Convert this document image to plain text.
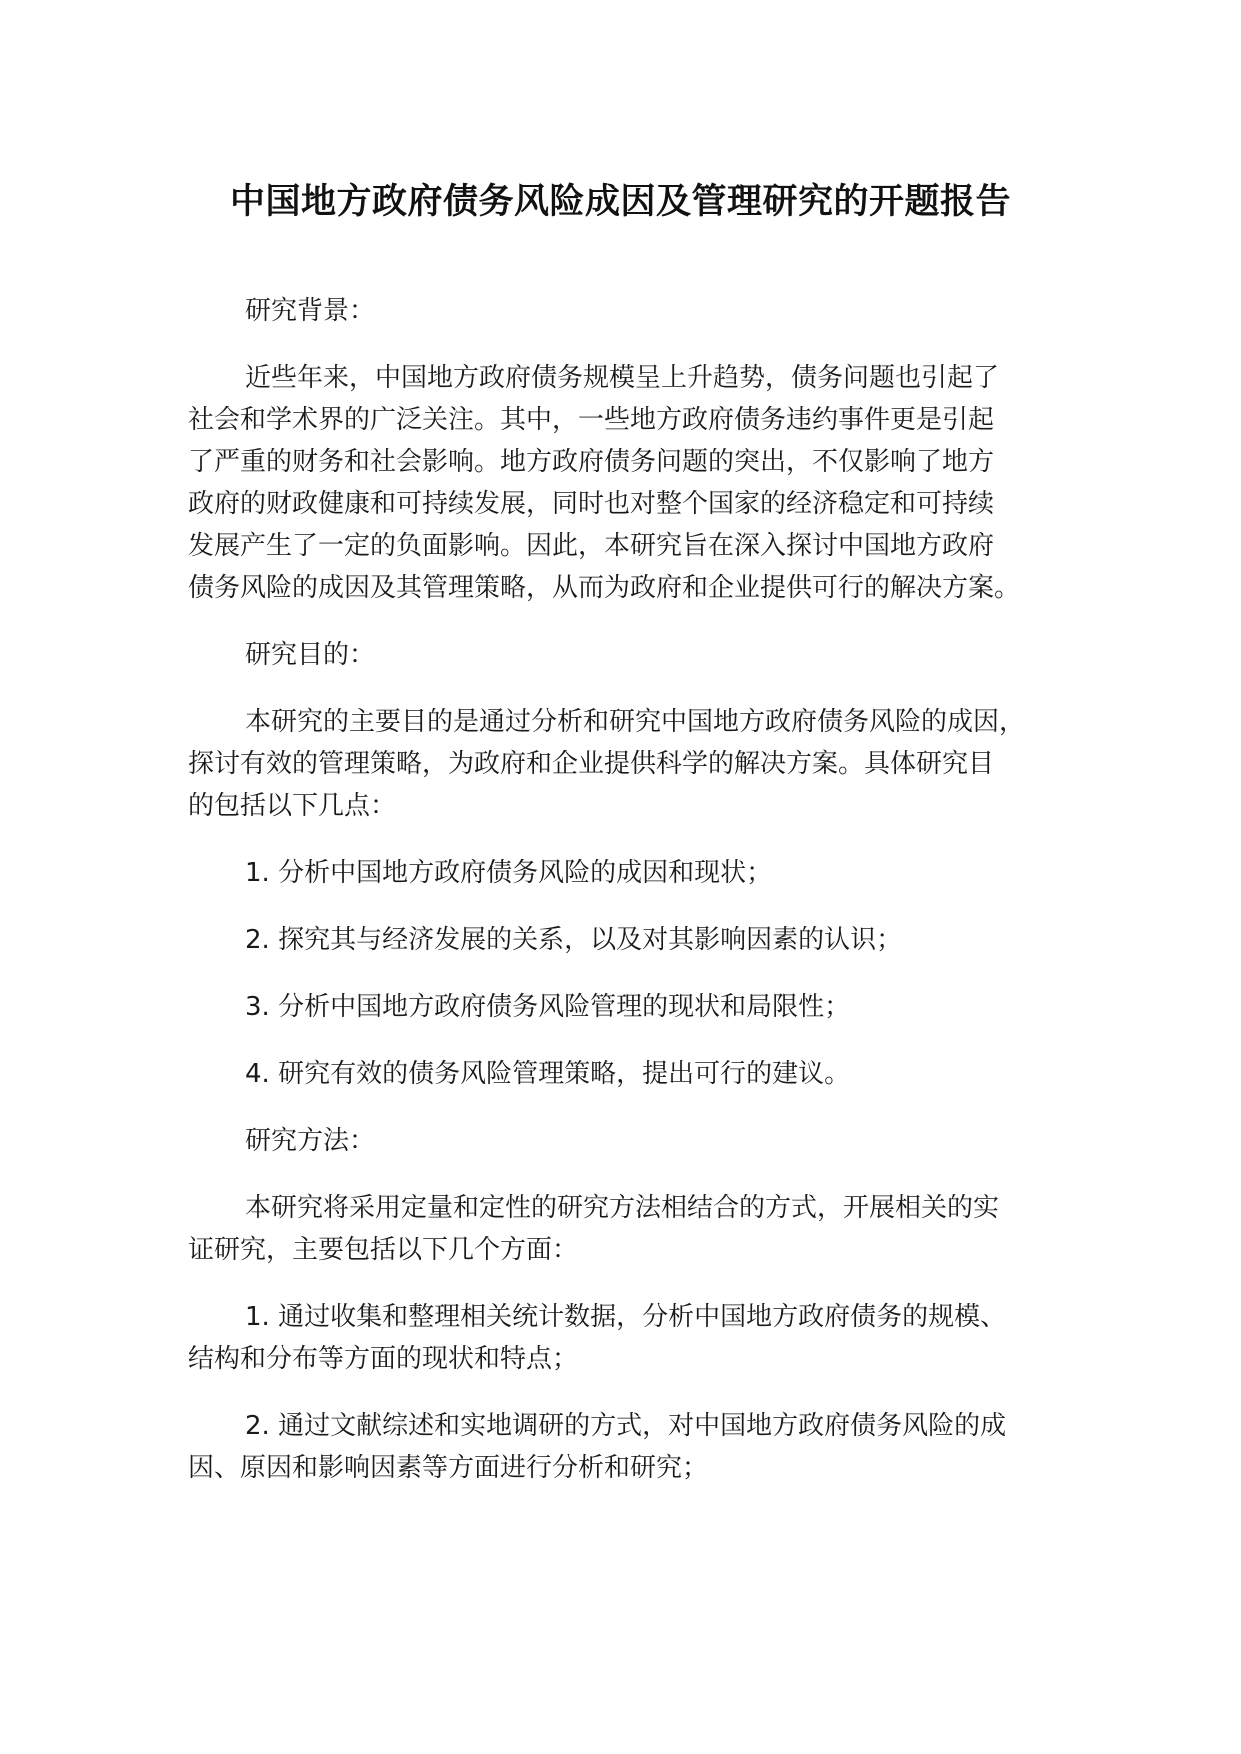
中国地方政府债务风险成因及管理研究的开题报告
研究背景：
近些年来，中国地方政府债务规模呈上升趋势，债务问题也引起了
社会和学术界的广泛关注。其中，一些地方政府债务违约事件更是引起
了严重的财务和社会影响。地方政府债务问题的突出，不仅影响了地方
政府的财政健康和可持续发展，同时也对整个国家的经济稳定和可持续
发展产生了一定的负面影响。因此，本研究旨在深入探讨中国地方政府
债务风险的成因及其管理策略，从而为政府和企业提供可行的解决方案。
研究目的：
本研究的主要目的是通过分析和研究中国地方政府债务风险的成因，
探讨有效的管理策略，为政府和企业提供科学的解决方案。具体研究目
的包括以下几点：
1. 分析中国地方政府债务风险的成因和现状；
2. 探究其与经济发展的关系，以及对其影响因素的认识；
3. 分析中国地方政府债务风险管理的现状和局限性；
4. 研究有效的债务风险管理策略，提出可行的建议。
研究方法：
本研究将采用定量和定性的研究方法相结合的方式，开展相关的实
证研究，主要包括以下几个方面：
1. 通过收集和整理相关统计数据，分析中国地方政府债务的规模、
结构和分布等方面的现状和特点；
2. 通过文献综述和实地调研的方式，对中国地方政府债务风险的成
因、原因和影响因素等方面进行分析和研究；
